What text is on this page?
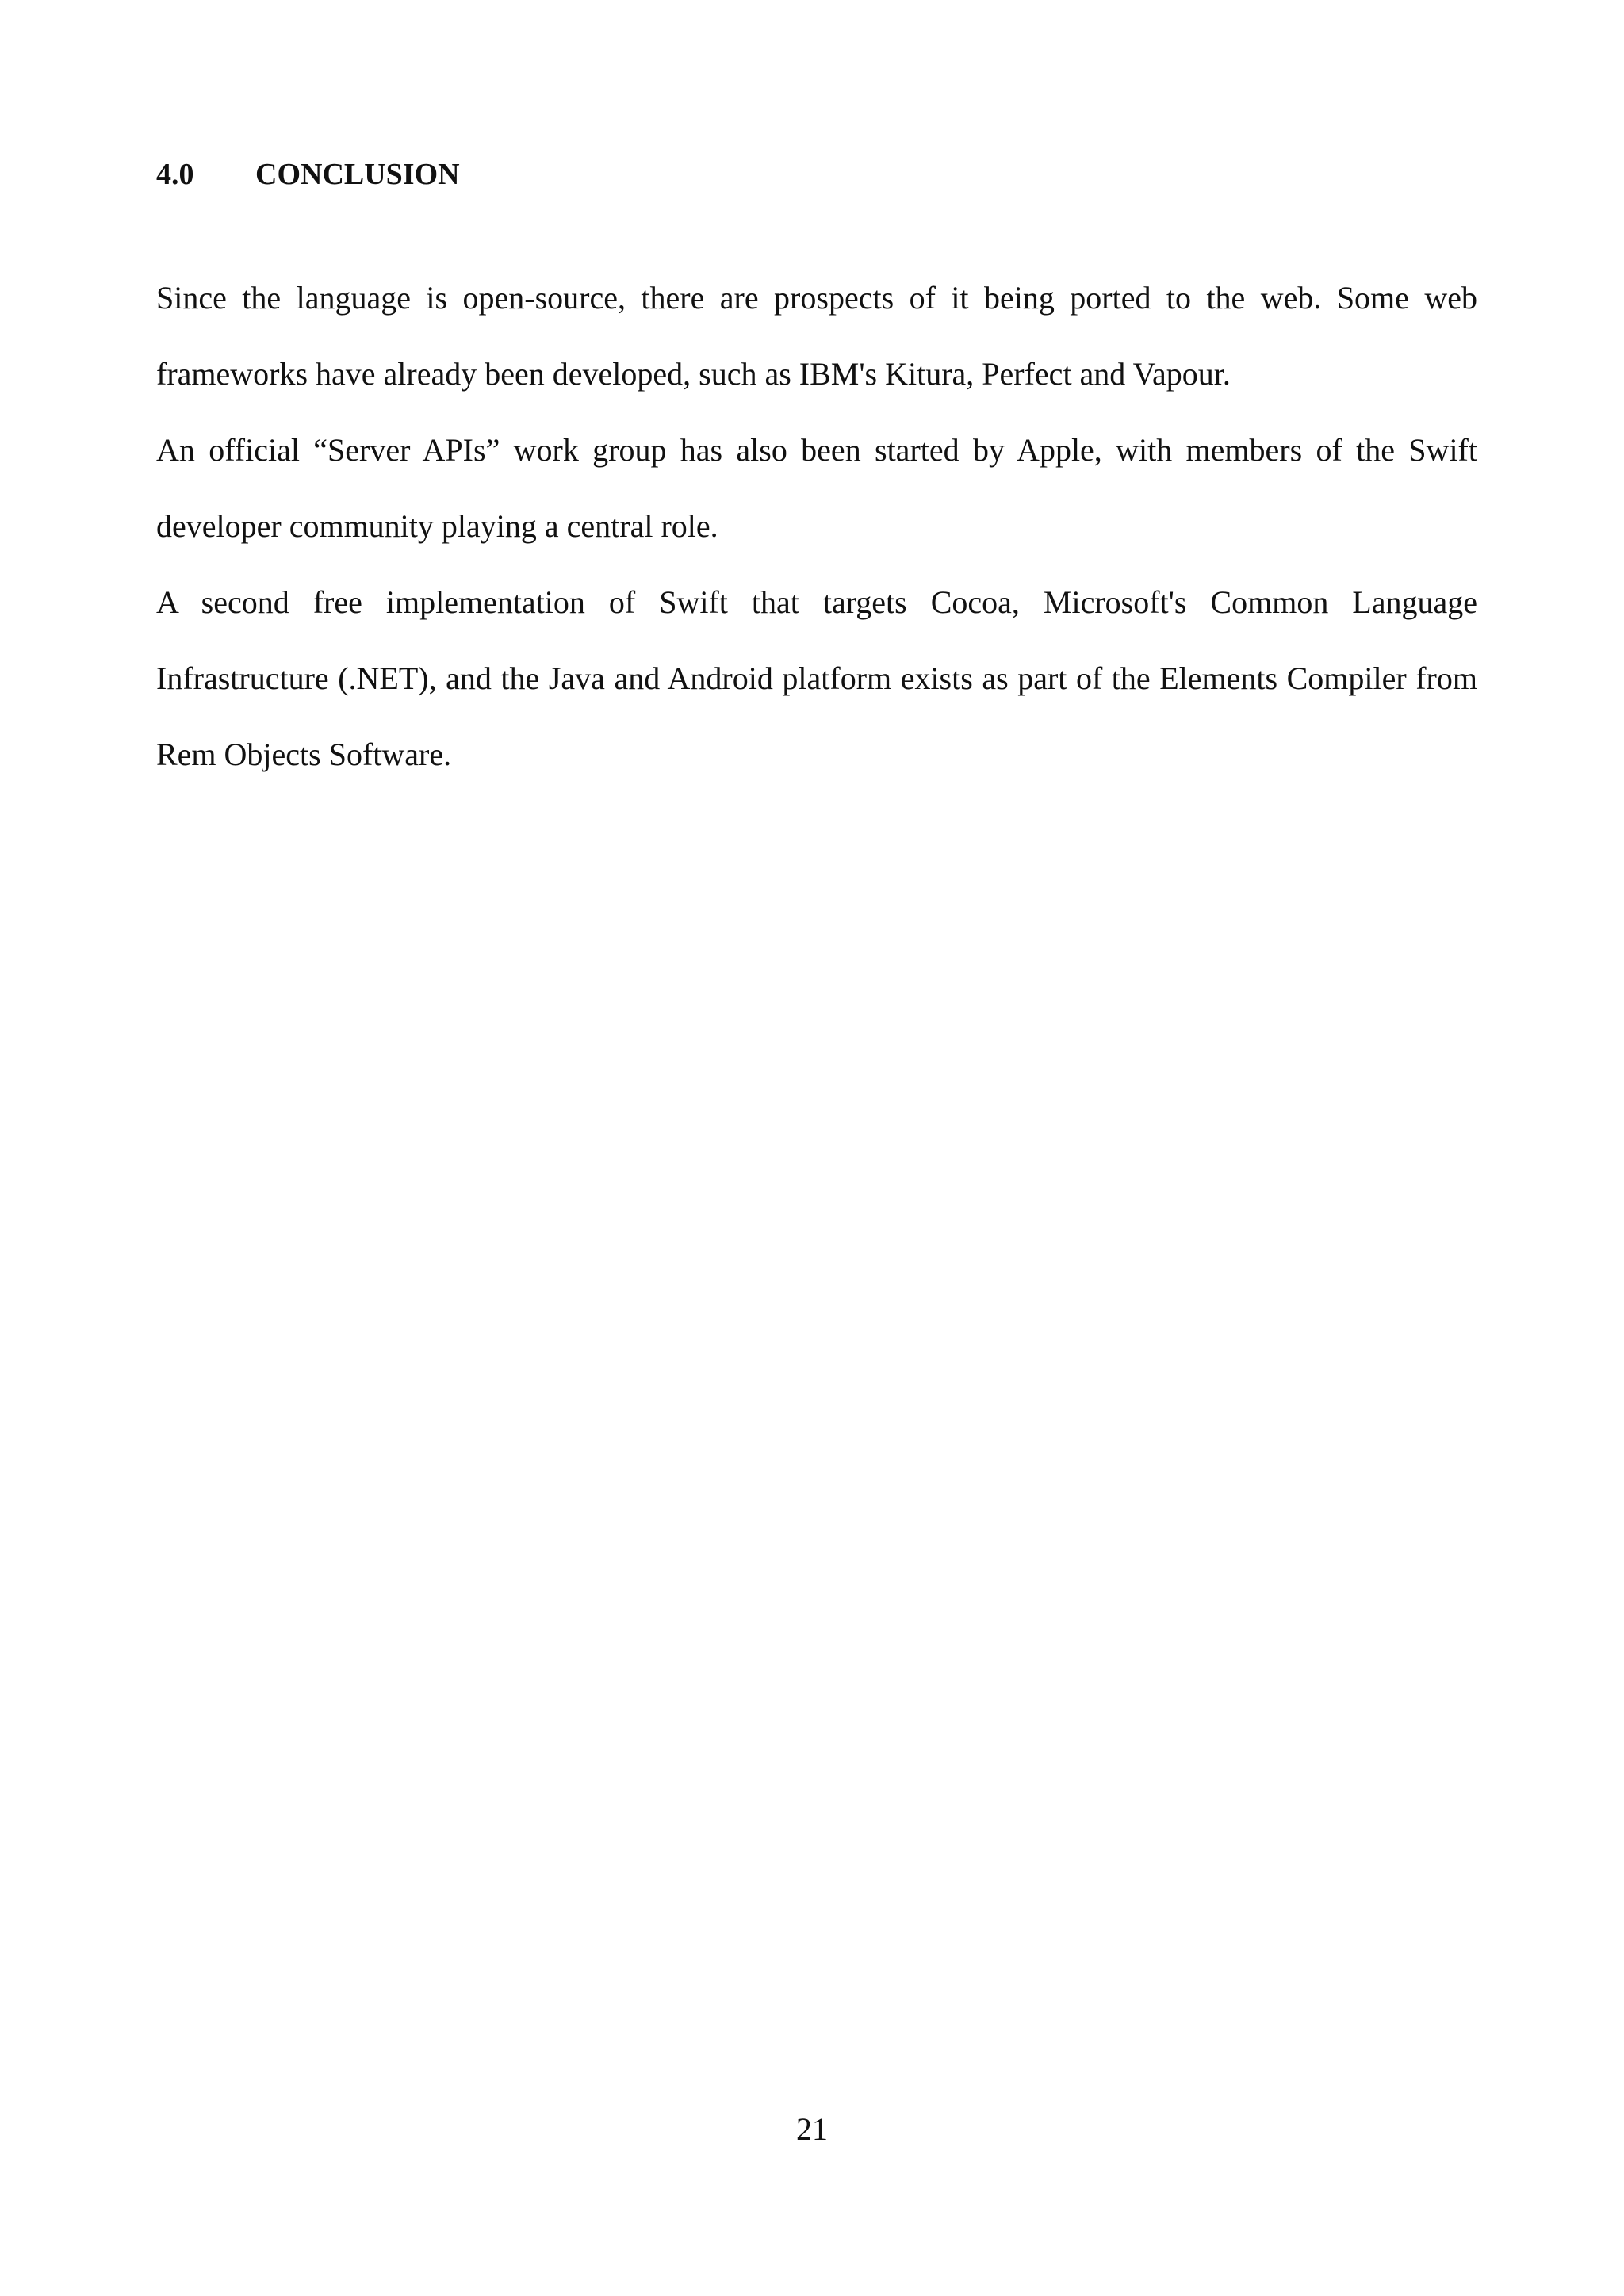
4.0 CONCLUSION

Since the language is open-source, there are prospects of it being ported to the web. Some web frameworks have already been developed, such as IBM's Kitura, Perfect and Vapour.

An official “Server APIs” work group has also been started by Apple, with members of the Swift developer community playing a central role.

A second free implementation of Swift that targets Cocoa, Microsoft's Common Language Infrastructure (.NET), and the Java and Android platform exists as part of the Elements Compiler from Rem Objects Software.

21
